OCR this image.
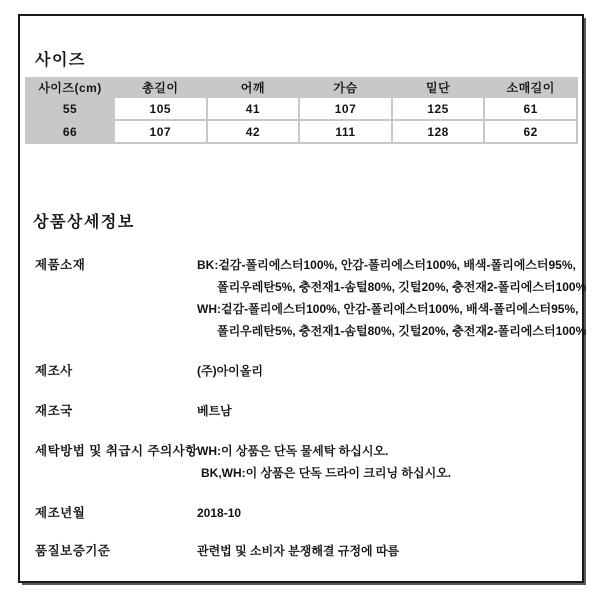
사이즈
사이즈(cm)	총길이	어깨	가슴	밑단	소매길이
55	105	41	107	125	61
66	107	42	111	128	62
상품상세정보
제품소재	BK:겉감-폴리에스터100%, 안감-폴리에스터100%, 배색-폴리에스터95%,
폴리우레탄5%, 충전재1-솜털80%, 깃털20%, 충전재2-폴리에스터100%
WH:겉감-폴리에스터100%, 안감-폴리에스터100%, 배색-폴리에스터95%,
폴리우레탄5%, 충전재1-솜털80%, 깃털20%, 충전재2-폴리에스터100%
제조사	(주)아이올리
재조국	베트남
세탁방법 및 취급시 주의사항 WH:이 상품은 단독 물세탁 하십시오.
BK,WH:이 상품은 단독 드라이 크리닝 하십시오.
제조년월	2018-10
품질보증기준	관련법 및 소비자 분쟁해결 규정에 따름
